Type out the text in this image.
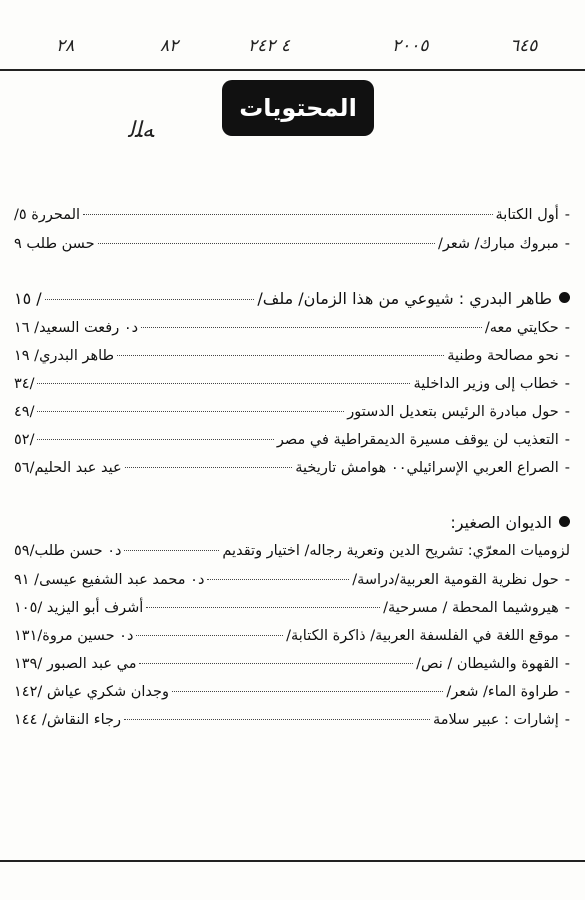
٢٠٠٥
٤ ٢٤٢
٨٢	٦٤٥
٢٨
المحتويات
ﻪﻠﻟ
-
أول الكتابة
المحررة ٥/
-
مبروك مبارك/ شعر/
حسن طلب ٩
طاهر البدري : شيوعي من هذا الزمان/ ملف/
/ ١٥
-
حكايتي معه/
د٠ رفعت السعيد/ ١٦
-
نحو مصالحة وطنية
طاهر البدري/ ١٩
-
خطاب إلى وزير الداخلية
/٣٤
-
حول مبادرة الرئيس بتعديل الدستور
/٤٩
-
التعذيب لن يوقف مسيرة الديمقراطية في مصر
/٥٢
-
الصراع العربي الإسرائيلي٠٠ هوامش تاريخية
عيد عبد الحليم/٥٦
الديوان الصغير:
لزوميات المعرّي: تشريح الدين وتعرية رجاله/ اختيار وتقديم
د٠ حسن طلب/٥٩
-
حول نظرية القومية العربية/دراسة/
د٠ محمد عبد الشفيع عيسى/ ٩١
-
هيروشيما المحطة / مسرحية/
أشرف أبو اليزيد /١٠٥
-
موقع اللغة في الفلسفة العربية/ ذاكرة الكتابة/
د٠ حسين مروة/١٣١
-
القهوة والشيطان / نص/
مي عبد الصبور /١٣٩
-
طراوة الماء/ شعر/
وجدان شكري عياش /١٤٢
-
إشارات : عبير سلامة
رجاء النقاش/ ١٤٤
